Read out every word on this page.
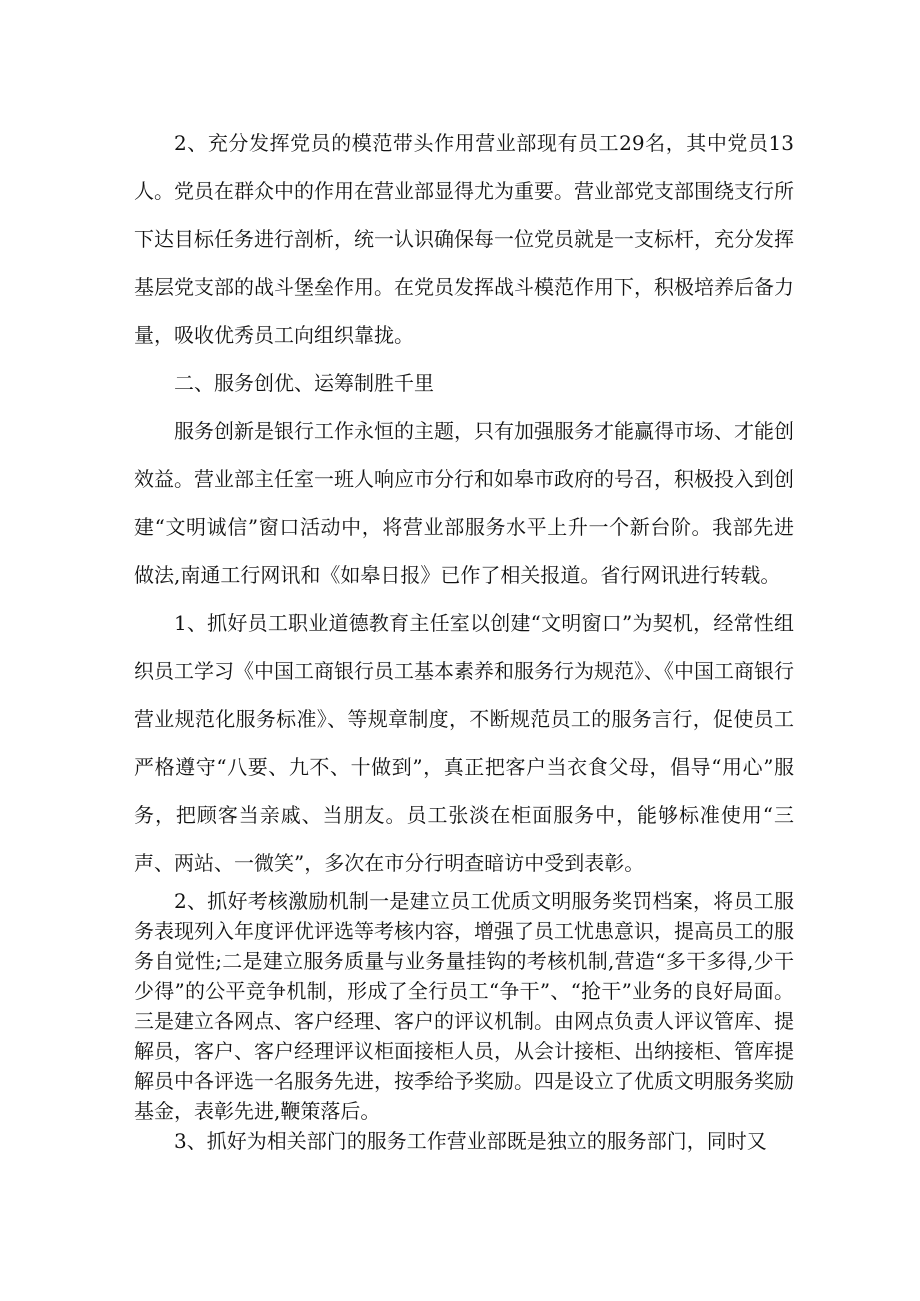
2、充分发挥党员的模范带头作用营业部现有员工29名，其中党员13人。党员在群众中的作用在营业部显得尤为重要。营业部党支部围绕支行所下达目标任务进行剖析，统一认识确保每一位党员就是一支标杆，充分发挥基层党支部的战斗堡垒作用。在党员发挥战斗模范作用下，积极培养后备力量，吸收优秀员工向组织靠拢。

二、服务创优、运筹制胜千里

服务创新是银行工作永恒的主题，只有加强服务才能赢得市场、才能创效益。营业部主任室一班人响应市分行和如皋市政府的号召，积极投入到创建“文明诚信”窗口活动中，将营业部服务水平上升一个新台阶。我部先进做法,南通工行网讯和《如皋日报》已作了相关报道。省行网讯进行转载。

1、抓好员工职业道德教育主任室以创建“文明窗口”为契机，经常性组织员工学习《中国工商银行员工基本素养和服务行为规范》、《中国工商银行营业规范化服务标准》、等规章制度，不断规范员工的服务言行，促使员工严格遵守“八要、九不、十做到”，真正把客户当衣食父母，倡导“用心”服务，把顾客当亲戚、当朋友。员工张淡在柜面服务中，能够标准使用“三声、两站、一微笑”，多次在市分行明查暗访中受到表彰。

2、抓好考核激励机制一是建立员工优质文明服务奖罚档案，将员工服务表现列入年度评优评选等考核内容，增强了员工忧患意识，提高员工的服务自觉性;二是建立服务质量与业务量挂钩的考核机制,营造“多干多得,少干少得”的公平竞争机制，形成了全行员工“争干”、“抢干”业务的良好局面。三是建立各网点、客户经理、客户的评议机制。由网点负责人评议管库、提解员，客户、客户经理评议柜面接柜人员，从会计接柜、出纳接柜、管库提解员中各评选一名服务先进，按季给予奖励。四是设立了优质文明服务奖励基金，表彰先进,鞭策落后。

3、抓好为相关部门的服务工作营业部既是独立的服务部门，同时又
